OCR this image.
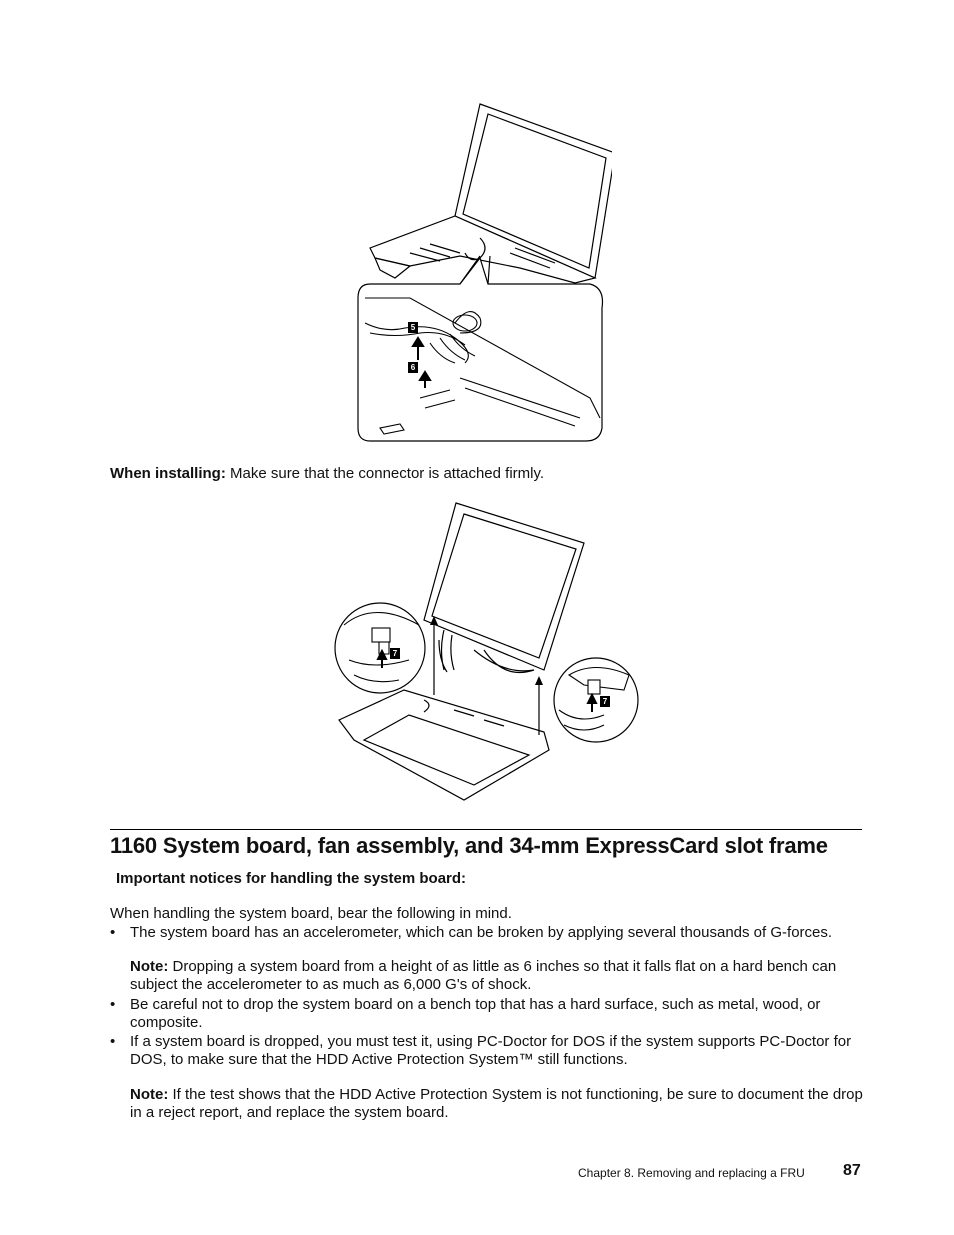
5
6
When installing: Make sure that the connector is attached firmly.
7
7
1160 System board, fan assembly, and 34-mm ExpressCard slot frame
Important notices for handling the system board:
When handling the system board, bear the following in mind.
• The system board has an accelerometer, which can be broken by applying several thousands of G-forces.
Note: Dropping a system board from a height of as little as 6 inches so that it falls flat on a hard bench can subject the accelerometer to as much as 6,000 G's of shock.
• Be careful not to drop the system board on a bench top that has a hard surface, such as metal, wood, or composite.
• If a system board is dropped, you must test it, using PC-Doctor for DOS if the system supports PC-Doctor for DOS, to make sure that the HDD Active Protection System™ still functions.
Note: If the test shows that the HDD Active Protection System is not functioning, be sure to document the drop in a reject report, and replace the system board.
Chapter 8. Removing and replacing a FRU 87
